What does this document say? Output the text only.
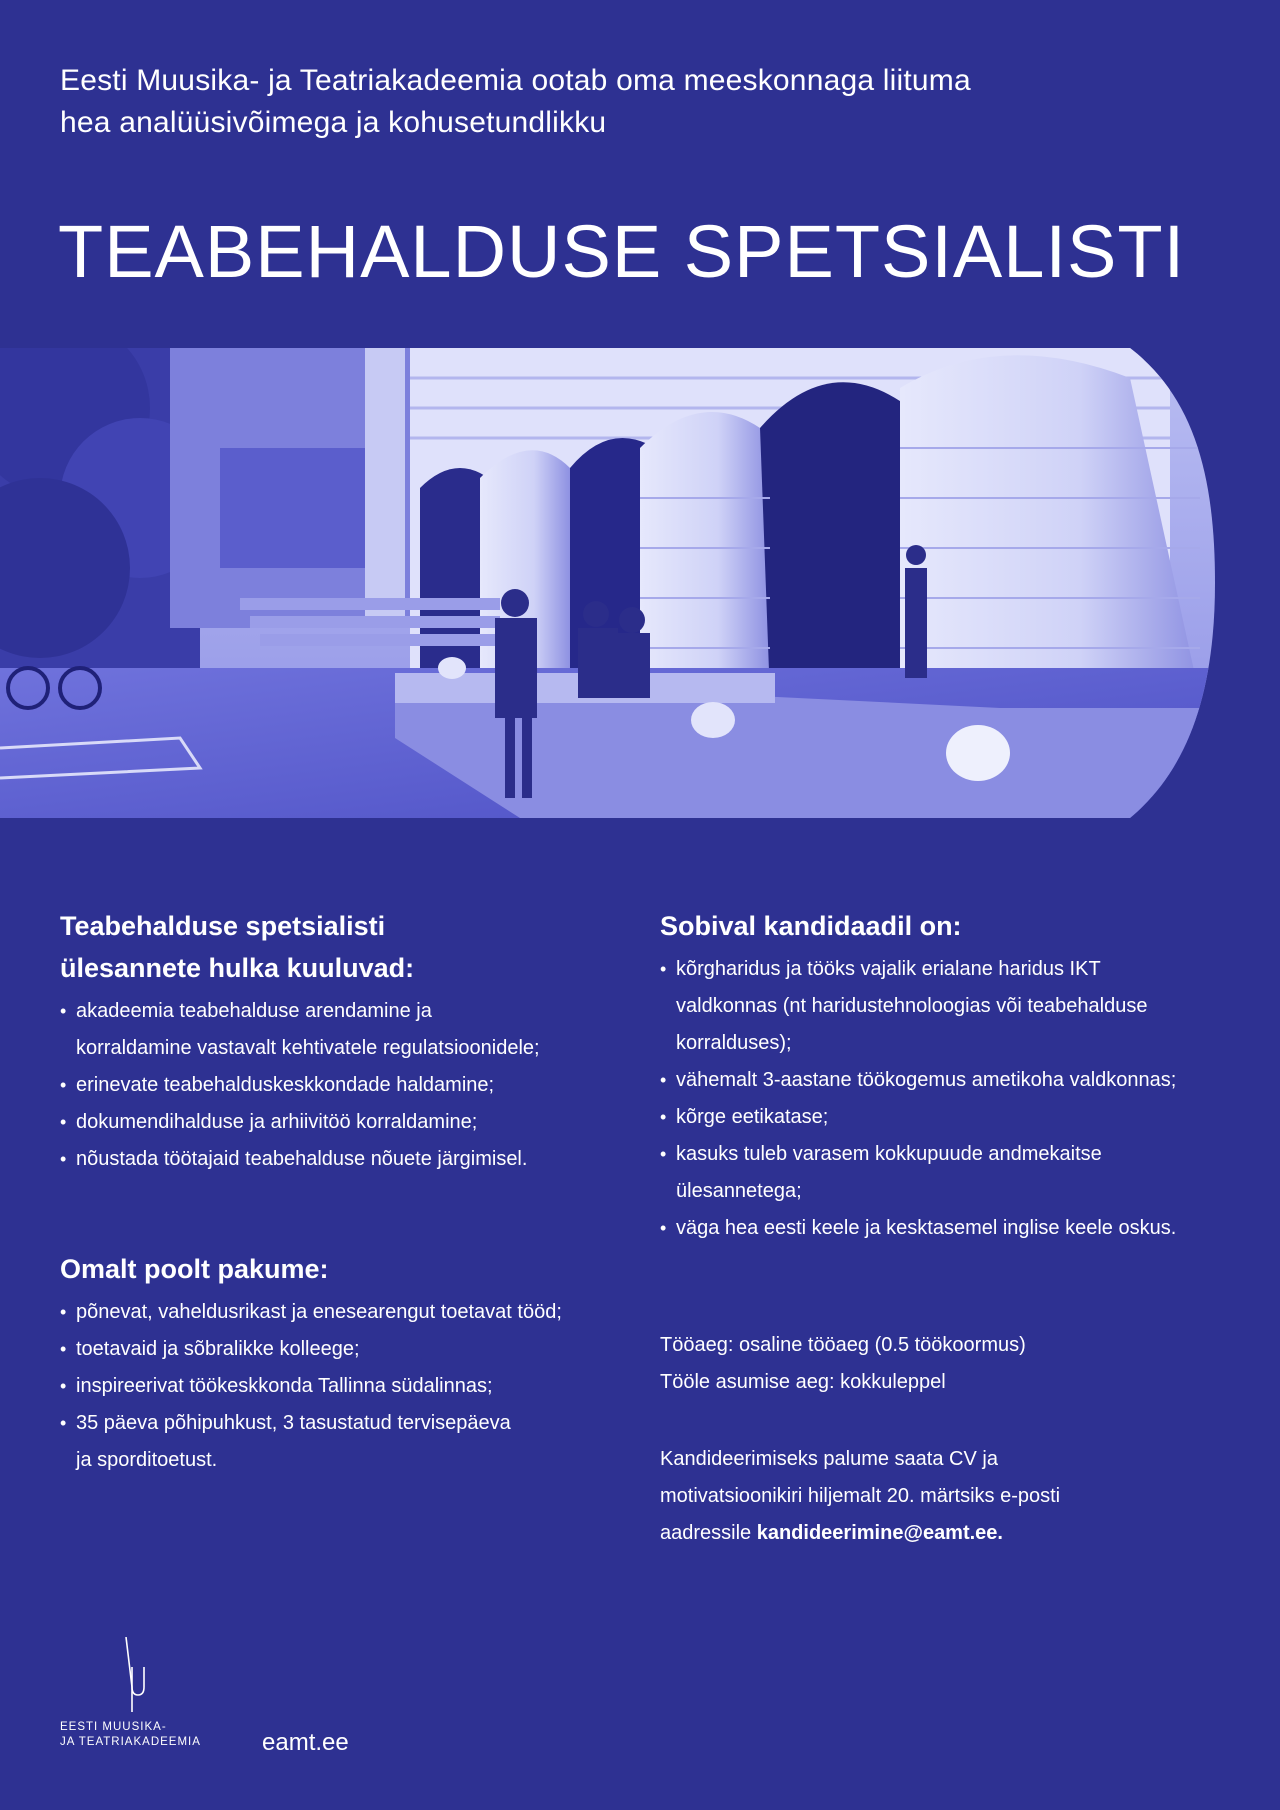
Eesti Muusika- ja Teatriakadeemia ootab oma meeskonnaga liituma
hea analüüsivõimega ja kohusetundlikku
TEABEHALDUSE SPETSIALISTI
Teabehalduse spetsialisti
ülesannete hulka kuuluvad:
• akadeemia teabehalduse arendamine ja
korraldamine vastavalt kehtivatele regulatsioonidele;
• erinevate teabehalduskeskkondade haldamine;
• dokumendihalduse ja arhiivitöö korraldamine;
• nõustada töötajaid teabehalduse nõuete järgimisel.
Omalt poolt pakume:
• põnevat, vaheldusrikast ja enesearengut toetavat tööd;
• toetavaid ja sõbralikke kolleege;
• inspireerivat töökeskkonda Tallinna südalinnas;
• 35 päeva põhipuhkust, 3 tasustatud tervisepäeva
ja sporditoetust.
Sobival kandidaadil on:
• kõrgharidus ja tööks vajalik erialane haridus IKT
valdkonnas (nt haridustehnoloogias või teabehalduse
korralduses);
• vähemalt 3-aastane töökogemus ametikoha valdkonnas;
• kõrge eetikatase;
• kasuks tuleb varasem kokkupuude andmekaitse
ülesannetega;
• väga hea eesti keele ja kesktasemel inglise keele oskus.

Tööaeg: osaline tööaeg (0.5 töökoormus)

Tööle asumise aeg: kokkuleppel

Kandideerimiseks palume saata CV ja

motivatsioonikiri hiljemalt 20. märtsiks e-posti

aadressile kandideerimine@eamt.ee.

EESTI MUUSIKA-
JA TEATRIAKADEEMIA	eamt.ee
